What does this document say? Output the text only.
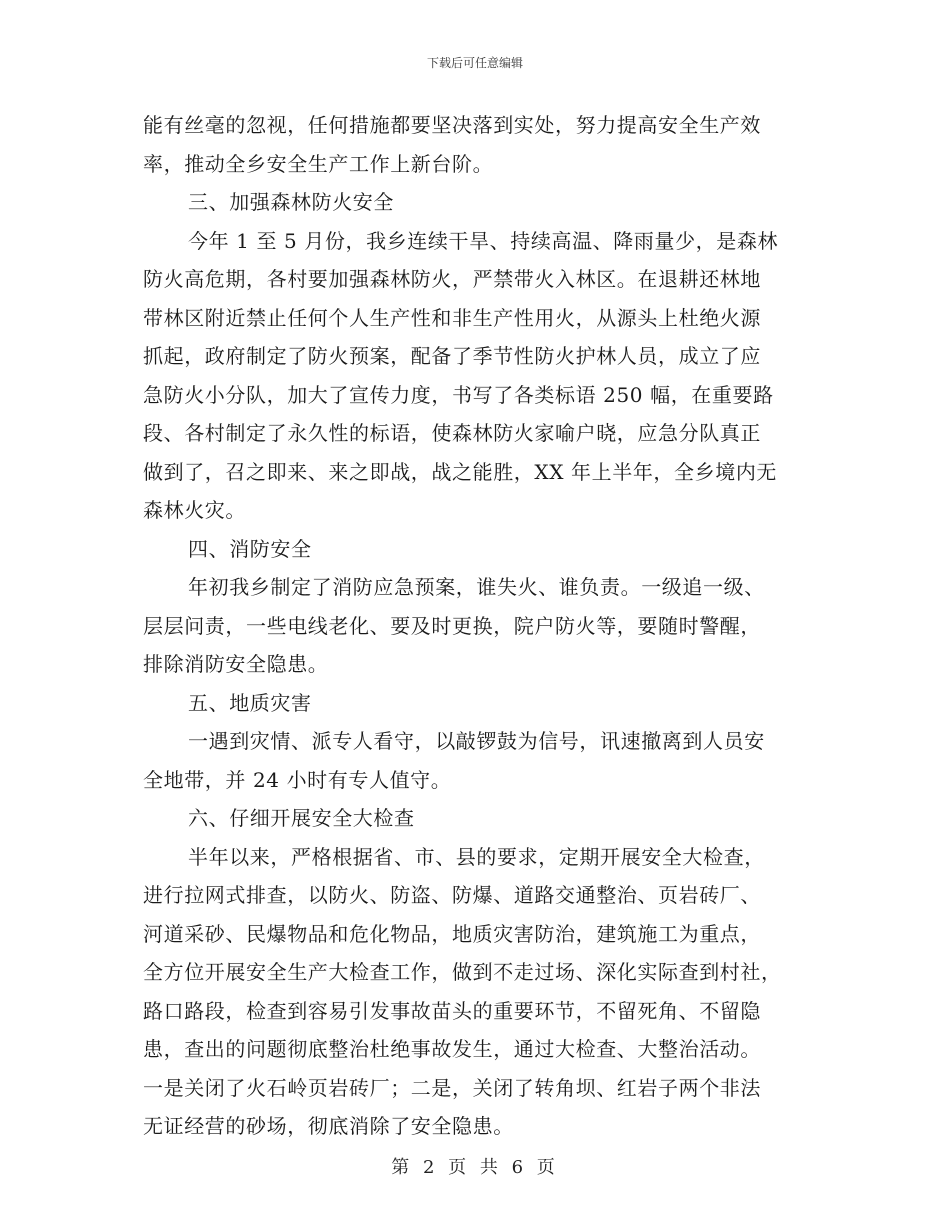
下载后可任意编辑
能有丝毫的忽视，任何措施都要坚决落到实处，努力提高安全生产效
率，推动全乡安全生产工作上新台阶。
三、加强森林防火安全
今年 1 至 5 月份，我乡连续干旱、持续高温、降雨量少，是森林
防火高危期，各村要加强森林防火，严禁带火入林区。在退耕还林地
带林区附近禁止任何个人生产性和非生产性用火，从源头上杜绝火源
抓起，政府制定了防火预案，配备了季节性防火护林人员，成立了应
急防火小分队，加大了宣传力度，书写了各类标语 250 幅，在重要路
段、各村制定了永久性的标语，使森林防火家喻户晓，应急分队真正
做到了，召之即来、来之即战，战之能胜，XX 年上半年，全乡境内无
森林火灾。
四、消防安全
年初我乡制定了消防应急预案，谁失火、谁负责。一级追一级、
层层问责，一些电线老化、要及时更换，院户防火等，要随时警醒，
排除消防安全隐患。
五、地质灾害
一遇到灾情、派专人看守，以敲锣鼓为信号，讯速撤离到人员安
全地带，并 24 小时有专人值守。
六、仔细开展安全大检查
半年以来，严格根据省、市、县的要求，定期开展安全大检查，
进行拉网式排查，以防火、防盗、防爆、道路交通整治、页岩砖厂、
河道采砂、民爆物品和危化物品，地质灾害防治，建筑施工为重点，
全方位开展安全生产大检查工作，做到不走过场、深化实际查到村社，
路口路段，检查到容易引发事故苗头的重要环节，不留死角、不留隐
患，查出的问题彻底整治杜绝事故发生，通过大检查、大整治活动。
一是关闭了火石岭页岩砖厂；二是，关闭了转角坝、红岩子两个非法
无证经营的砂场，彻底消除了安全隐患。
第 2 页 共 6 页
